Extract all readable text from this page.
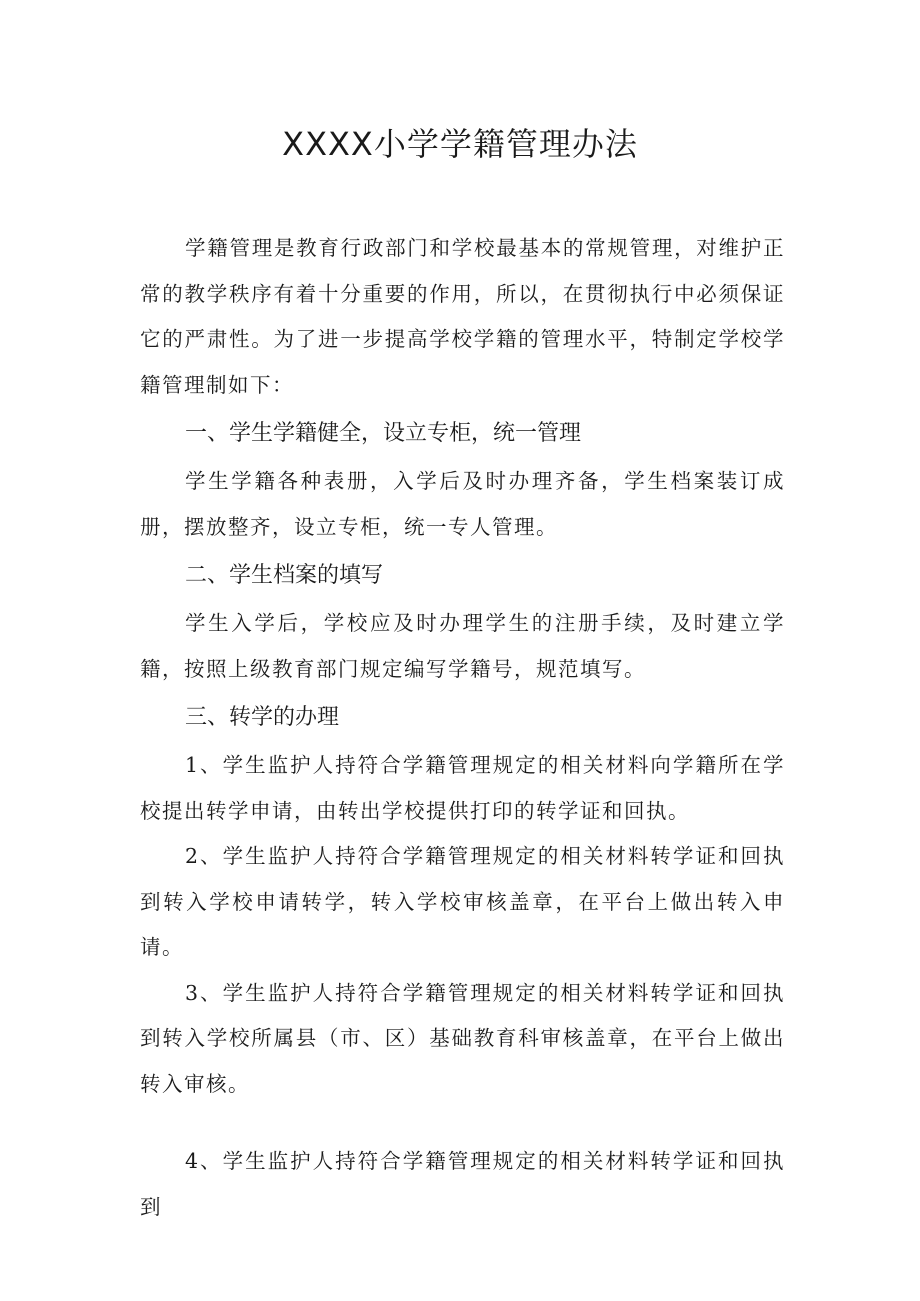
XXXX小学学籍管理办法

学籍管理是教育行政部门和学校最基本的常规管理，对维护正常的教学秩序有着十分重要的作用，所以，在贯彻执行中必须保证它的严肃性。为了进一步提高学校学籍的管理水平，特制定学校学籍管理制如下：

一、学生学籍健全，设立专柜，统一管理

学生学籍各种表册，入学后及时办理齐备，学生档案装订成册，摆放整齐，设立专柜，统一专人管理。

二、学生档案的填写

学生入学后，学校应及时办理学生的注册手续，及时建立学籍，按照上级教育部门规定编写学籍号，规范填写。

三、转学的办理

1、学生监护人持符合学籍管理规定的相关材料向学籍所在学校提出转学申请，由转出学校提供打印的转学证和回执。

2、学生监护人持符合学籍管理规定的相关材料转学证和回执到转入学校申请转学，转入学校审核盖章，在平台上做出转入申请。

3、学生监护人持符合学籍管理规定的相关材料转学证和回执到转入学校所属县（市、区）基础教育科审核盖章，在平台上做出转入审核。

4、学生监护人持符合学籍管理规定的相关材料转学证和回执到
